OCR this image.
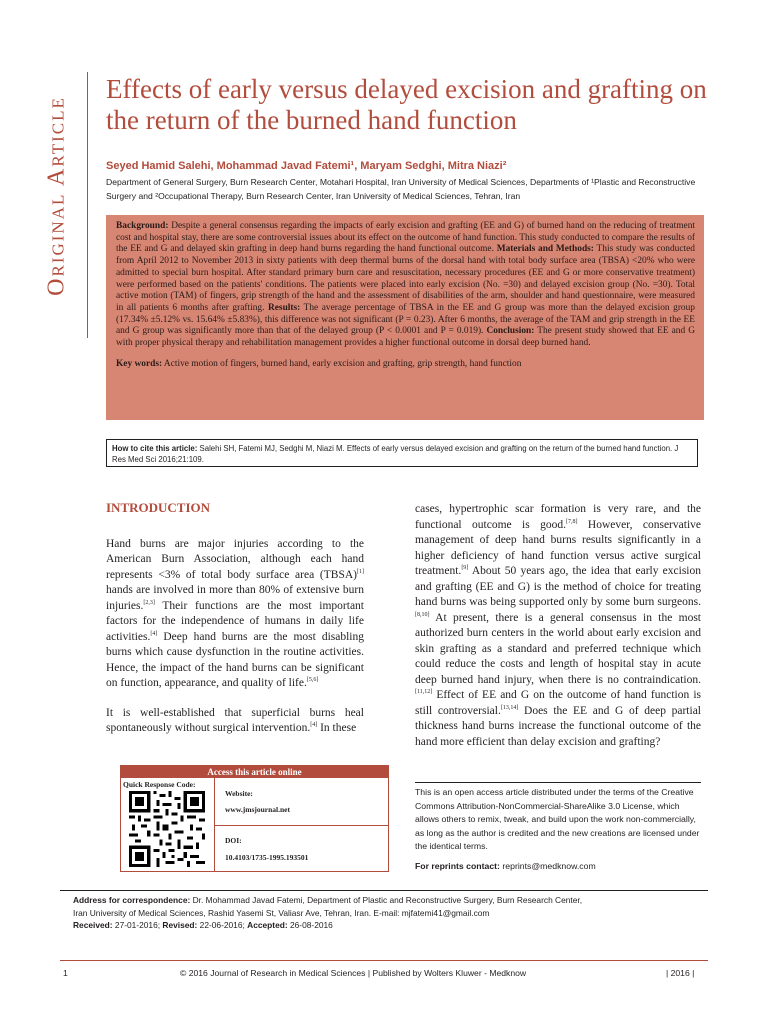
Original Article
Effects of early versus delayed excision and grafting on the return of the burned hand function
Seyed Hamid Salehi, Mohammad Javad Fatemi¹, Maryam Sedghi, Mitra Niazi²
Department of General Surgery, Burn Research Center, Motahari Hospital, Iran University of Medical Sciences, Departments of ¹Plastic and Reconstructive Surgery and ²Occupational Therapy, Burn Research Center, Iran University of Medical Sciences, Tehran, Iran

Background: Despite a general consensus regarding the impacts of early excision and grafting (EE and G) of burned hand on the reducing of treatment cost and hospital stay, there are some controversial issues about its effect on the outcome of hand function. This study conducted to compare the results of the EE and G and delayed skin grafting in deep hand burns regarding the hand functional outcome. Materials and Methods: This study was conducted from April 2012 to November 2013 in sixty patients with deep thermal burns of the dorsal hand with total body surface area (TBSA) <20% who were admitted to special burn hospital. After standard primary burn care and resuscitation, necessary procedures (EE and G or more conservative treatment) were performed based on the patients' conditions. The patients were placed into early excision (No. =30) and delayed excision group (No. =30). Total active motion (TAM) of fingers, grip strength of the hand and the assessment of disabilities of the arm, shoulder and hand questionnaire, were measured in all patients 6 months after grafting. Results: The average percentage of TBSA in the EE and G group was more than the delayed excision group (17.34% ±5.12% vs. 15.64% ±5.83%), this difference was not significant (P = 0.23). After 6 months, the average of the TAM and grip strength in the EE and G group was significantly more than that of the delayed group (P < 0.0001 and P = 0.019). Conclusion: The present study showed that EE and G with proper physical therapy and rehabilitation management provides a higher functional outcome in dorsal deep burned hand.

Key words: Active motion of fingers, burned hand, early excision and grafting, grip strength, hand function

How to cite this article: Salehi SH, Fatemi MJ, Sedghi M, Niazi M. Effects of early versus delayed excision and grafting on the return of the burned hand function. J Res Med Sci 2016;21:109.
INTRODUCTION

Hand burns are major injuries according to the American Burn Association, although each hand represents <3% of total body surface area (TBSA)[1] hands are involved in more than 80% of extensive burn injuries.[2,3] Their functions are the most important factors for the independence of humans in daily life activities.[4] Deep hand burns are the most disabling burns which cause dysfunction in the routine activities. Hence, the impact of the hand burns can be significant on function, appearance, and quality of life.[5,6]

It is well-established that superficial burns heal spontaneously without surgical intervention.[4] In these

cases, hypertrophic scar formation is very rare, and the functional outcome is good.[7,8] However, conservative management of deep hand burns results significantly in a higher deficiency of hand function versus active surgical treatment.[9] About 50 years ago, the idea that early excision and grafting (EE and G) is the method of choice for treating hand burns was being supported only by some burn surgeons.[8,10] At present, there is a general consensus in the most authorized burn centers in the world about early excision and skin grafting as a standard and preferred technique which could reduce the costs and length of hospital stay in acute deep burned hand injury, when there is no contraindication.[11,12] Effect of EE and G on the outcome of hand function is still controversial.[13,14] Does the EE and G of deep partial thickness hand burns increase the functional outcome of the hand more efficient than delay excision and grafting?

Access this article online
Quick Response Code:
Website:
www.jmsjournal.net
DOI:
10.4103/1735-1995.193501
This is an open access article distributed under the terms of the Creative Commons Attribution-NonCommercial-ShareAlike 3.0 License, which allows others to remix, tweak, and build upon the work non-commercially, as long as the author is credited and the new creations are licensed under the identical terms.
For reprints contact: reprints@medknow.com
Address for correspondence: Dr. Mohammad Javad Fatemi, Department of Plastic and Reconstructive Surgery, Burn Research Center,
Iran University of Medical Sciences, Rashid Yasemi St, Valiasr Ave, Tehran, Iran. E-mail: mjfatemi41@gmail.com
Received: 27-01-2016; Revised: 22-06-2016; Accepted: 26-08-2016
1	© 2016 Journal of Research in Medical Sciences | Published by Wolters Kluwer - Medknow	| 2016 |
